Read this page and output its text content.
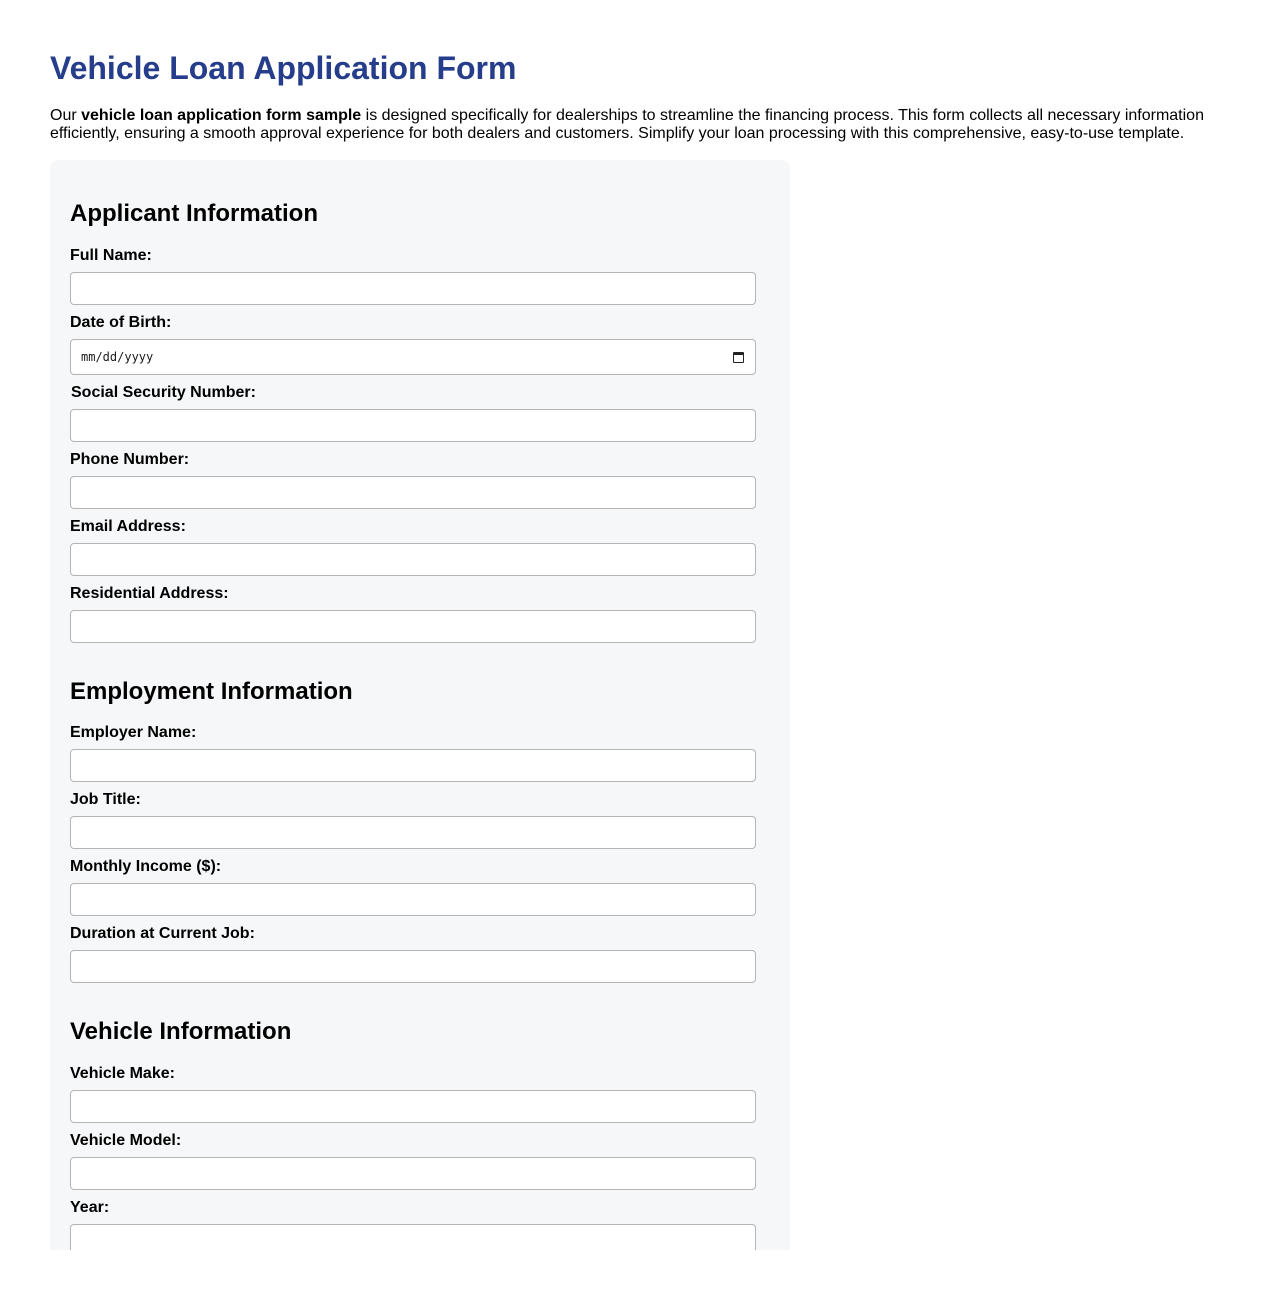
Vehicle Loan Application Form

Our vehicle loan application form sample is designed specifically for dealerships to streamline the financing process. This form collects all necessary information efficiently, ensuring a smooth approval experience for both dealers and customers. Simplify your loan processing with this comprehensive, easy-to-use template.

Applicant Information
Full Name:
Date of Birth:
mm/dd/yyyy
Social Security Number:
Phone Number:
Email Address:
Residential Address:
Employment Information
Employer Name:
Job Title:
Monthly Income ($):
Duration at Current Job:
Vehicle Information
Vehicle Make:
Vehicle Model:
Year:
